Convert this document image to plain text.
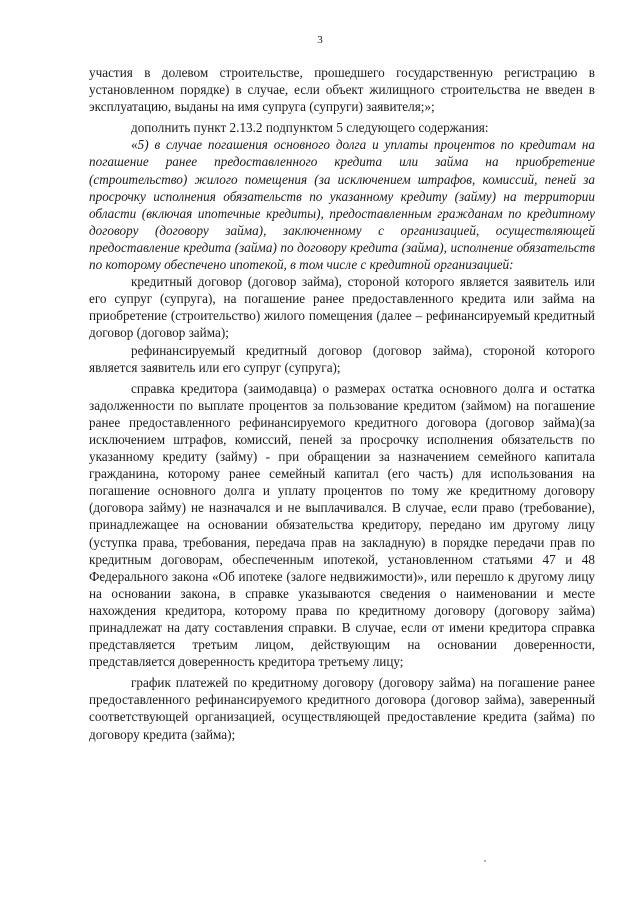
3

участия в долевом строительстве, прошедшего государственную регистрацию в установленном порядке) в случае, если объект жилищного строительства не введен в эксплуатацию, выданы на имя супруга (супруги) заявителя;»;

дополнить пункт 2.13.2 подпунктом 5 следующего содержания:

«5) в случае погашения основного долга и уплаты процентов по кредитам на погашение ранее предоставленного кредита или займа на приобретение (строительство) жилого помещения (за исключением штрафов, комиссий, пеней за просрочку исполнения обязательств по указанному кредиту (займу) на территории области (включая ипотечные кредиты), предоставленным гражданам по кредитному договору (договору займа), заключенному с организацией, осуществляющей предоставление кредита (займа) по договору кредита (займа), исполнение обязательств по которому обеспечено ипотекой, в том числе с кредитной организацией:

кредитный договор (договор займа), стороной которого является заявитель или его супруг (супруга), на погашение ранее предоставленного кредита или займа на приобретение (строительство) жилого помещения (далее – рефинансируемый кредитный договор (договор займа);

рефинансируемый кредитный договор (договор займа), стороной которого является заявитель или его супруг (супруга);

справка кредитора (заимодавца) о размерах остатка основного долга и остатка задолженности по выплате процентов за пользование кредитом (займом) на погашение ранее предоставленного рефинансируемого кредитного договора (договор займа)(за исключением штрафов, комиссий, пеней за просрочку исполнения обязательств по указанному кредиту (займу) - при обращении за назначением семейного капитала гражданина, которому ранее семейный капитал (его часть) для использования на погашение основного долга и уплату процентов по тому же кредитному договору (договора займу) не назначался и не выплачивался. В случае, если право (требование), принадлежащее на основании обязательства кредитору, передано им другому лицу (уступка права, требования, передача прав на закладную) в порядке передачи прав по кредитным договорам, обеспеченным ипотекой, установленном статьями 47 и 48 Федерального закона «Об ипотеке (залоге недвижимости)», или перешло к другому лицу на основании закона, в справке указываются сведения о наименовании и месте нахождения кредитора, которому права по кредитному договору (договору займа) принадлежат на дату составления справки. В случае, если от имени кредитора справка представляется третьим лицом, действующим на основании доверенности, представляется доверенность кредитора третьему лицу;

график платежей по кредитному договору (договору займа) на погашение ранее предоставленного рефинансируемого кредитного договора (договор займа), заверенный соответствующей организацией, осуществляющей предоставление кредита (займа) по договору кредита (займа);
